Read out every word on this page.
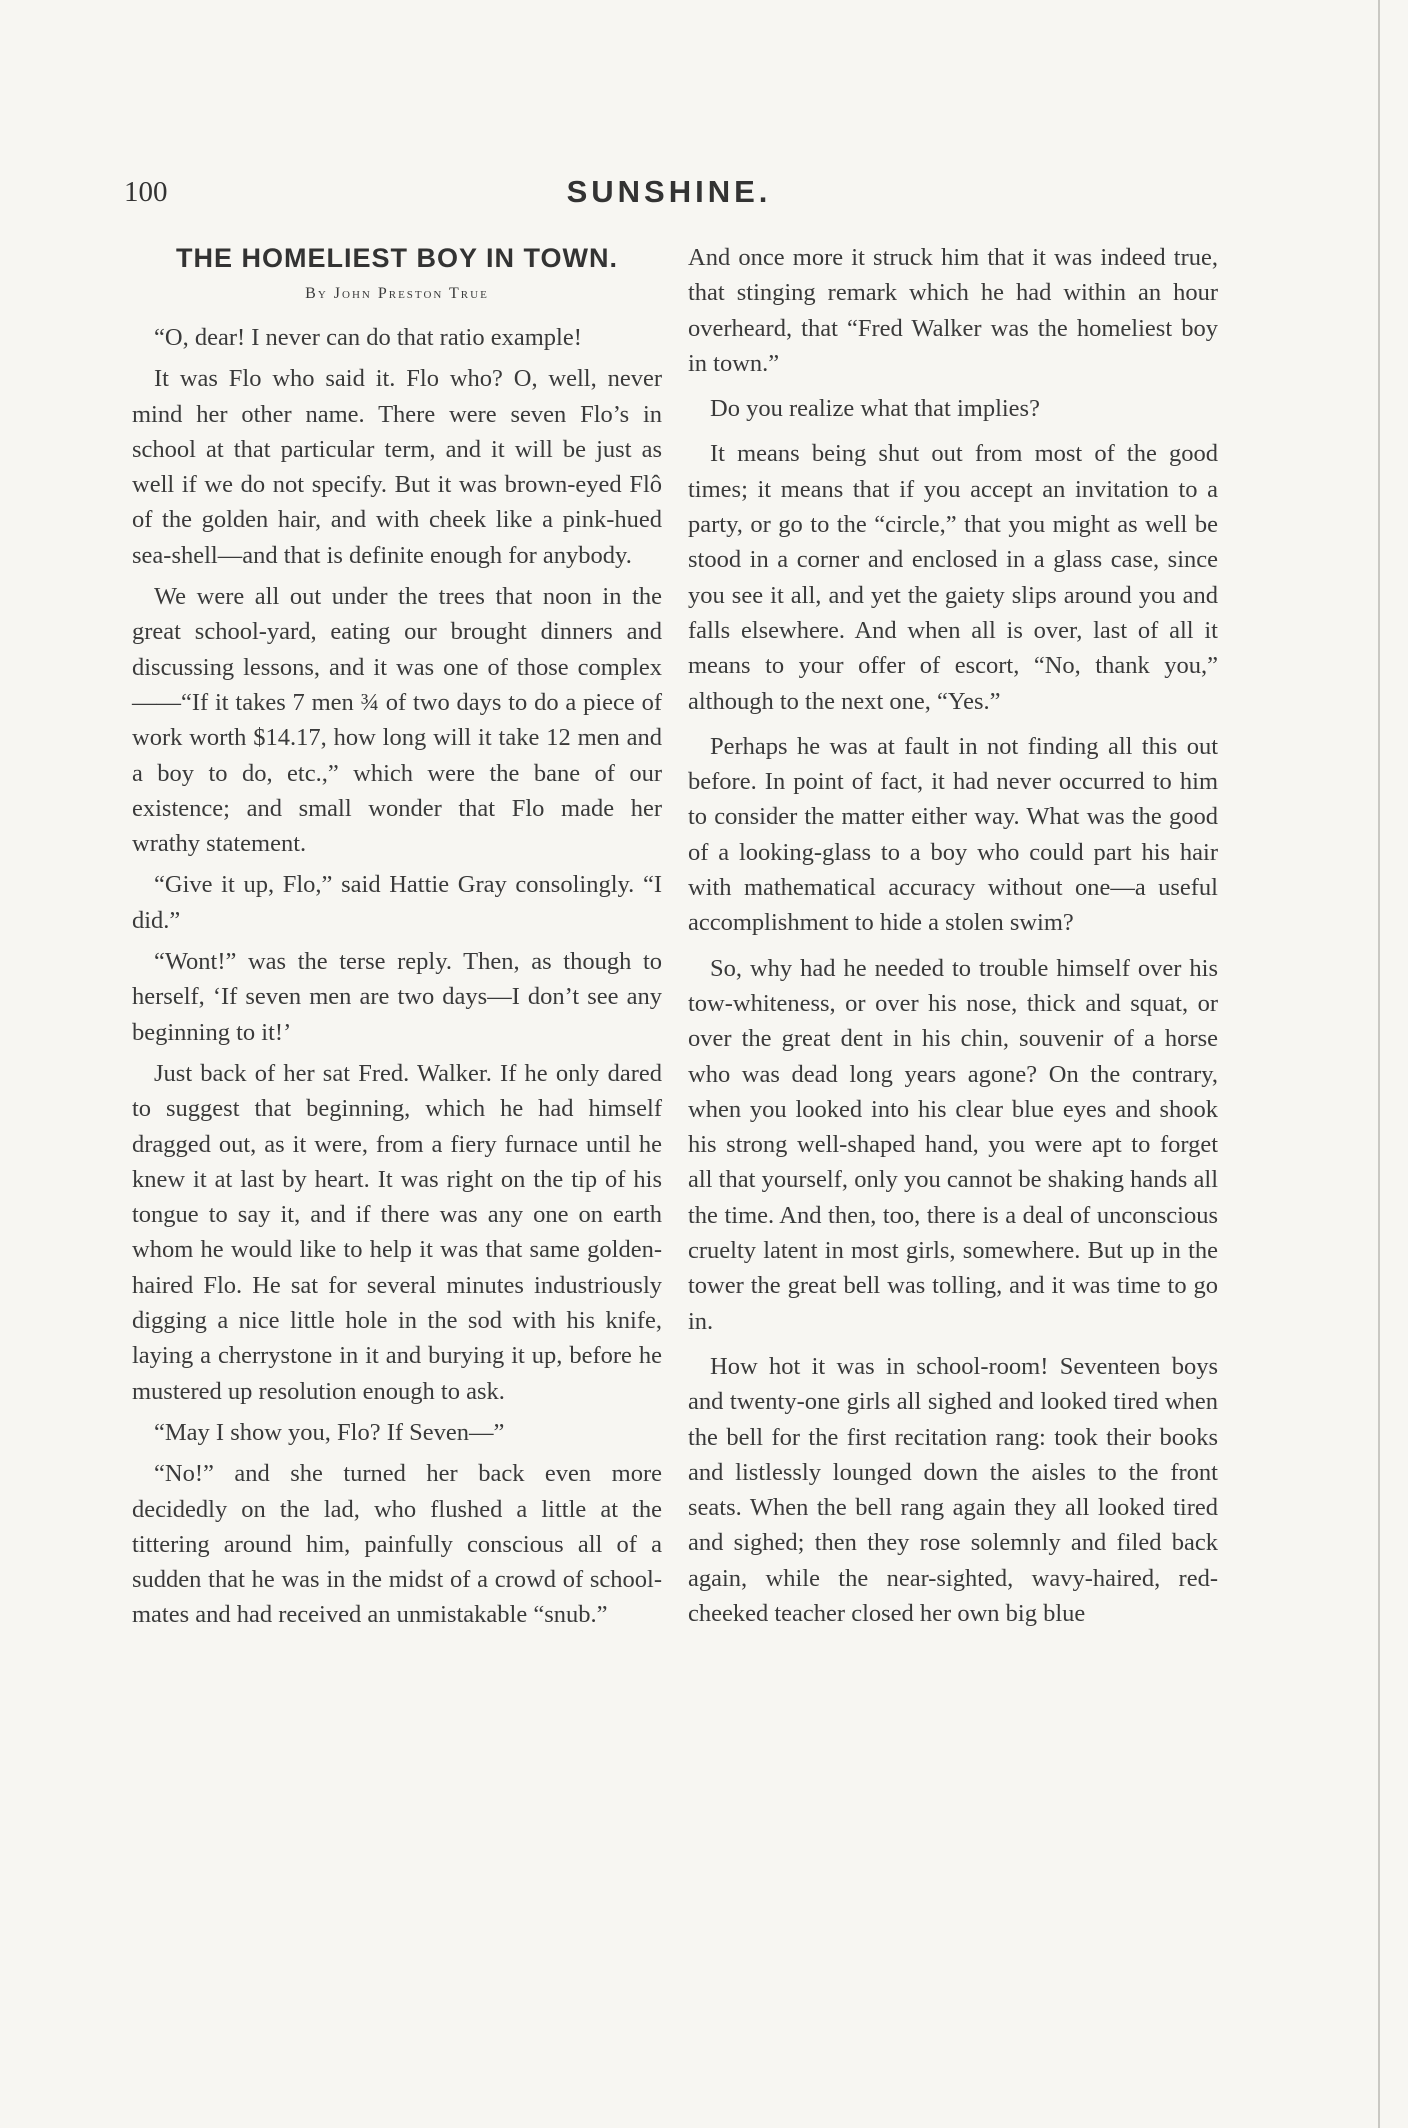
100	SUNSHINE.
THE HOMELIEST BOY IN TOWN.
By John Preston True

“O, dear! I never can do that ratio example!

It was Flo who said it. Flo who? O, well, never mind her other name. There were seven Flo’s in school at that particular term, and it will be just as well if we do not specify. But it was brown-eyed Flô of the golden hair, and with cheek like a pink-hued sea-shell—and that is definite enough for anybody.

We were all out under the trees that noon in the great school-yard, eating our brought dinners and discussing lessons, and it was one of those complex——“If it takes 7 men ¾ of two days to do a piece of work worth $14.17, how long will it take 12 men and a boy to do, etc.,” which were the bane of our existence; and small wonder that Flo made her wrathy statement.

“Give it up, Flo,” said Hattie Gray consolingly. “I did.”

“Wont!” was the terse reply. Then, as though to herself, ‘If seven men are two days—I don’t see any beginning to it!’

Just back of her sat Fred. Walker. If he only dared to suggest that beginning, which he had himself dragged out, as it were, from a fiery furnace until he knew it at last by heart. It was right on the tip of his tongue to say it, and if there was any one on earth whom he would like to help it was that same golden-haired Flo. He sat for several minutes industriously digging a nice little hole in the sod with his knife, laying a cherrystone in it and burying it up, before he mustered up resolution enough to ask.

“May I show you, Flo? If Seven—”

“No!” and she turned her back even more decidedly on the lad, who flushed a little at the tittering around him, painfully conscious all of a sudden that he was in the midst of a crowd of school-mates and had received an unmistakable “snub.”

And once more it struck him that it was indeed true, that stinging remark which he had within an hour overheard, that “Fred Walker was the homeliest boy in town.”

Do you realize what that implies?

It means being shut out from most of the good times; it means that if you accept an invitation to a party, or go to the “circle,” that you might as well be stood in a corner and enclosed in a glass case, since you see it all, and yet the gaiety slips around you and falls elsewhere. And when all is over, last of all it means to your offer of escort, “No, thank you,” although to the next one, “Yes.”

Perhaps he was at fault in not finding all this out before. In point of fact, it had never occurred to him to consider the matter either way. What was the good of a looking-glass to a boy who could part his hair with mathematical accuracy without one—a useful accomplishment to hide a stolen swim?

So, why had he needed to trouble himself over his tow-whiteness, or over his nose, thick and squat, or over the great dent in his chin, souvenir of a horse who was dead long years agone? On the contrary, when you looked into his clear blue eyes and shook his strong well-shaped hand, you were apt to forget all that yourself, only you cannot be shaking hands all the time. And then, too, there is a deal of unconscious cruelty latent in most girls, somewhere. But up in the tower the great bell was tolling, and it was time to go in.

How hot it was in school-room! Seventeen boys and twenty-one girls all sighed and looked tired when the bell for the first recitation rang: took their books and listlessly lounged down the aisles to the front seats. When the bell rang again they all looked tired and sighed; then they rose solemnly and filed back again, while the near-sighted, wavy-haired, red-cheeked teacher closed her own big blue
